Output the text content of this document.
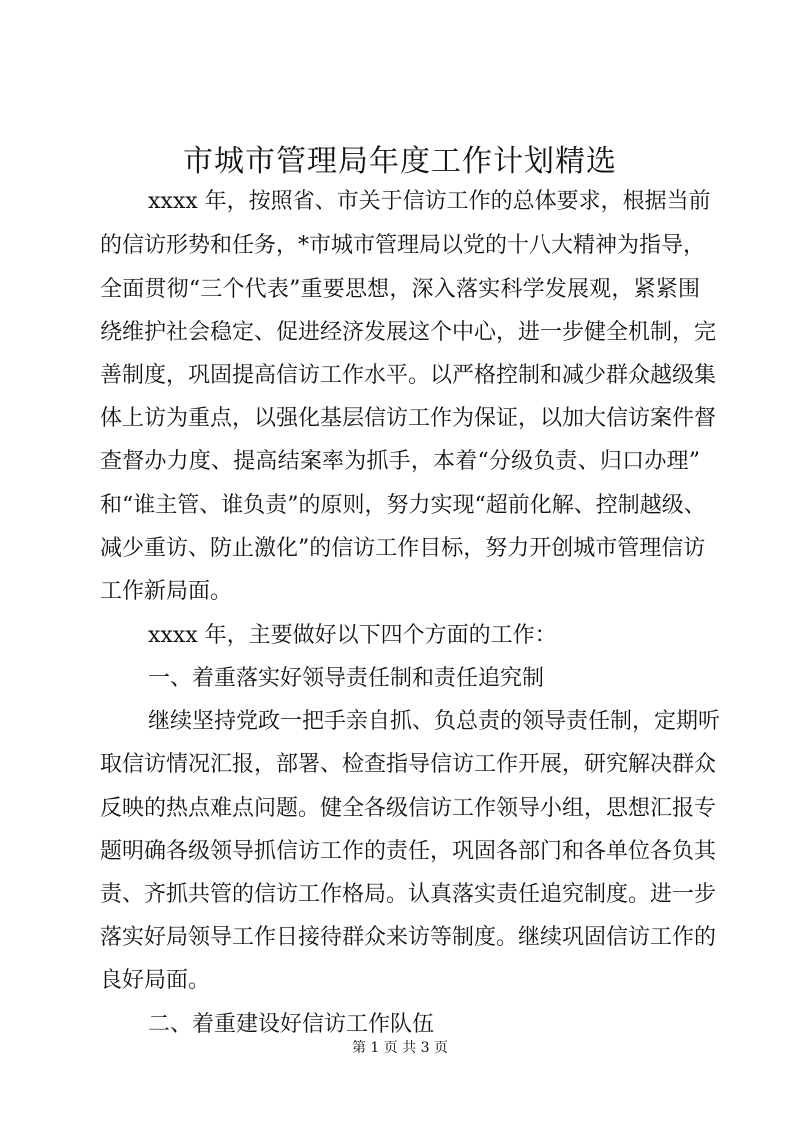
市城市管理局年度工作计划精选
xxxx 年，按照省、市关于信访工作的总体要求，根据当前
的信访形势和任务，*市城市管理局以党的十八大精神为指导，
全面贯彻“三个代表”重要思想，深入落实科学发展观，紧紧围
绕维护社会稳定、促进经济发展这个中心，进一步健全机制，完
善制度，巩固提高信访工作水平。以严格控制和减少群众越级集
体上访为重点，以强化基层信访工作为保证，以加大信访案件督
查督办力度、提高结案率为抓手，本着“分级负责、归口办理”
和“谁主管、谁负责”的原则，努力实现“超前化解、控制越级、
减少重访、防止激化”的信访工作目标，努力开创城市管理信访
工作新局面。
xxxx 年，主要做好以下四个方面的工作：
一、着重落实好领导责任制和责任追究制
继续坚持党政一把手亲自抓、负总责的领导责任制，定期听
取信访情况汇报，部署、检查指导信访工作开展，研究解决群众
反映的热点难点问题。健全各级信访工作领导小组，思想汇报专
题明确各级领导抓信访工作的责任，巩固各部门和各单位各负其
责、齐抓共管的信访工作格局。认真落实责任追究制度。进一步
落实好局领导工作日接待群众来访等制度。继续巩固信访工作的
良好局面。
二、着重建设好信访工作队伍
第 1 页 共 3 页
